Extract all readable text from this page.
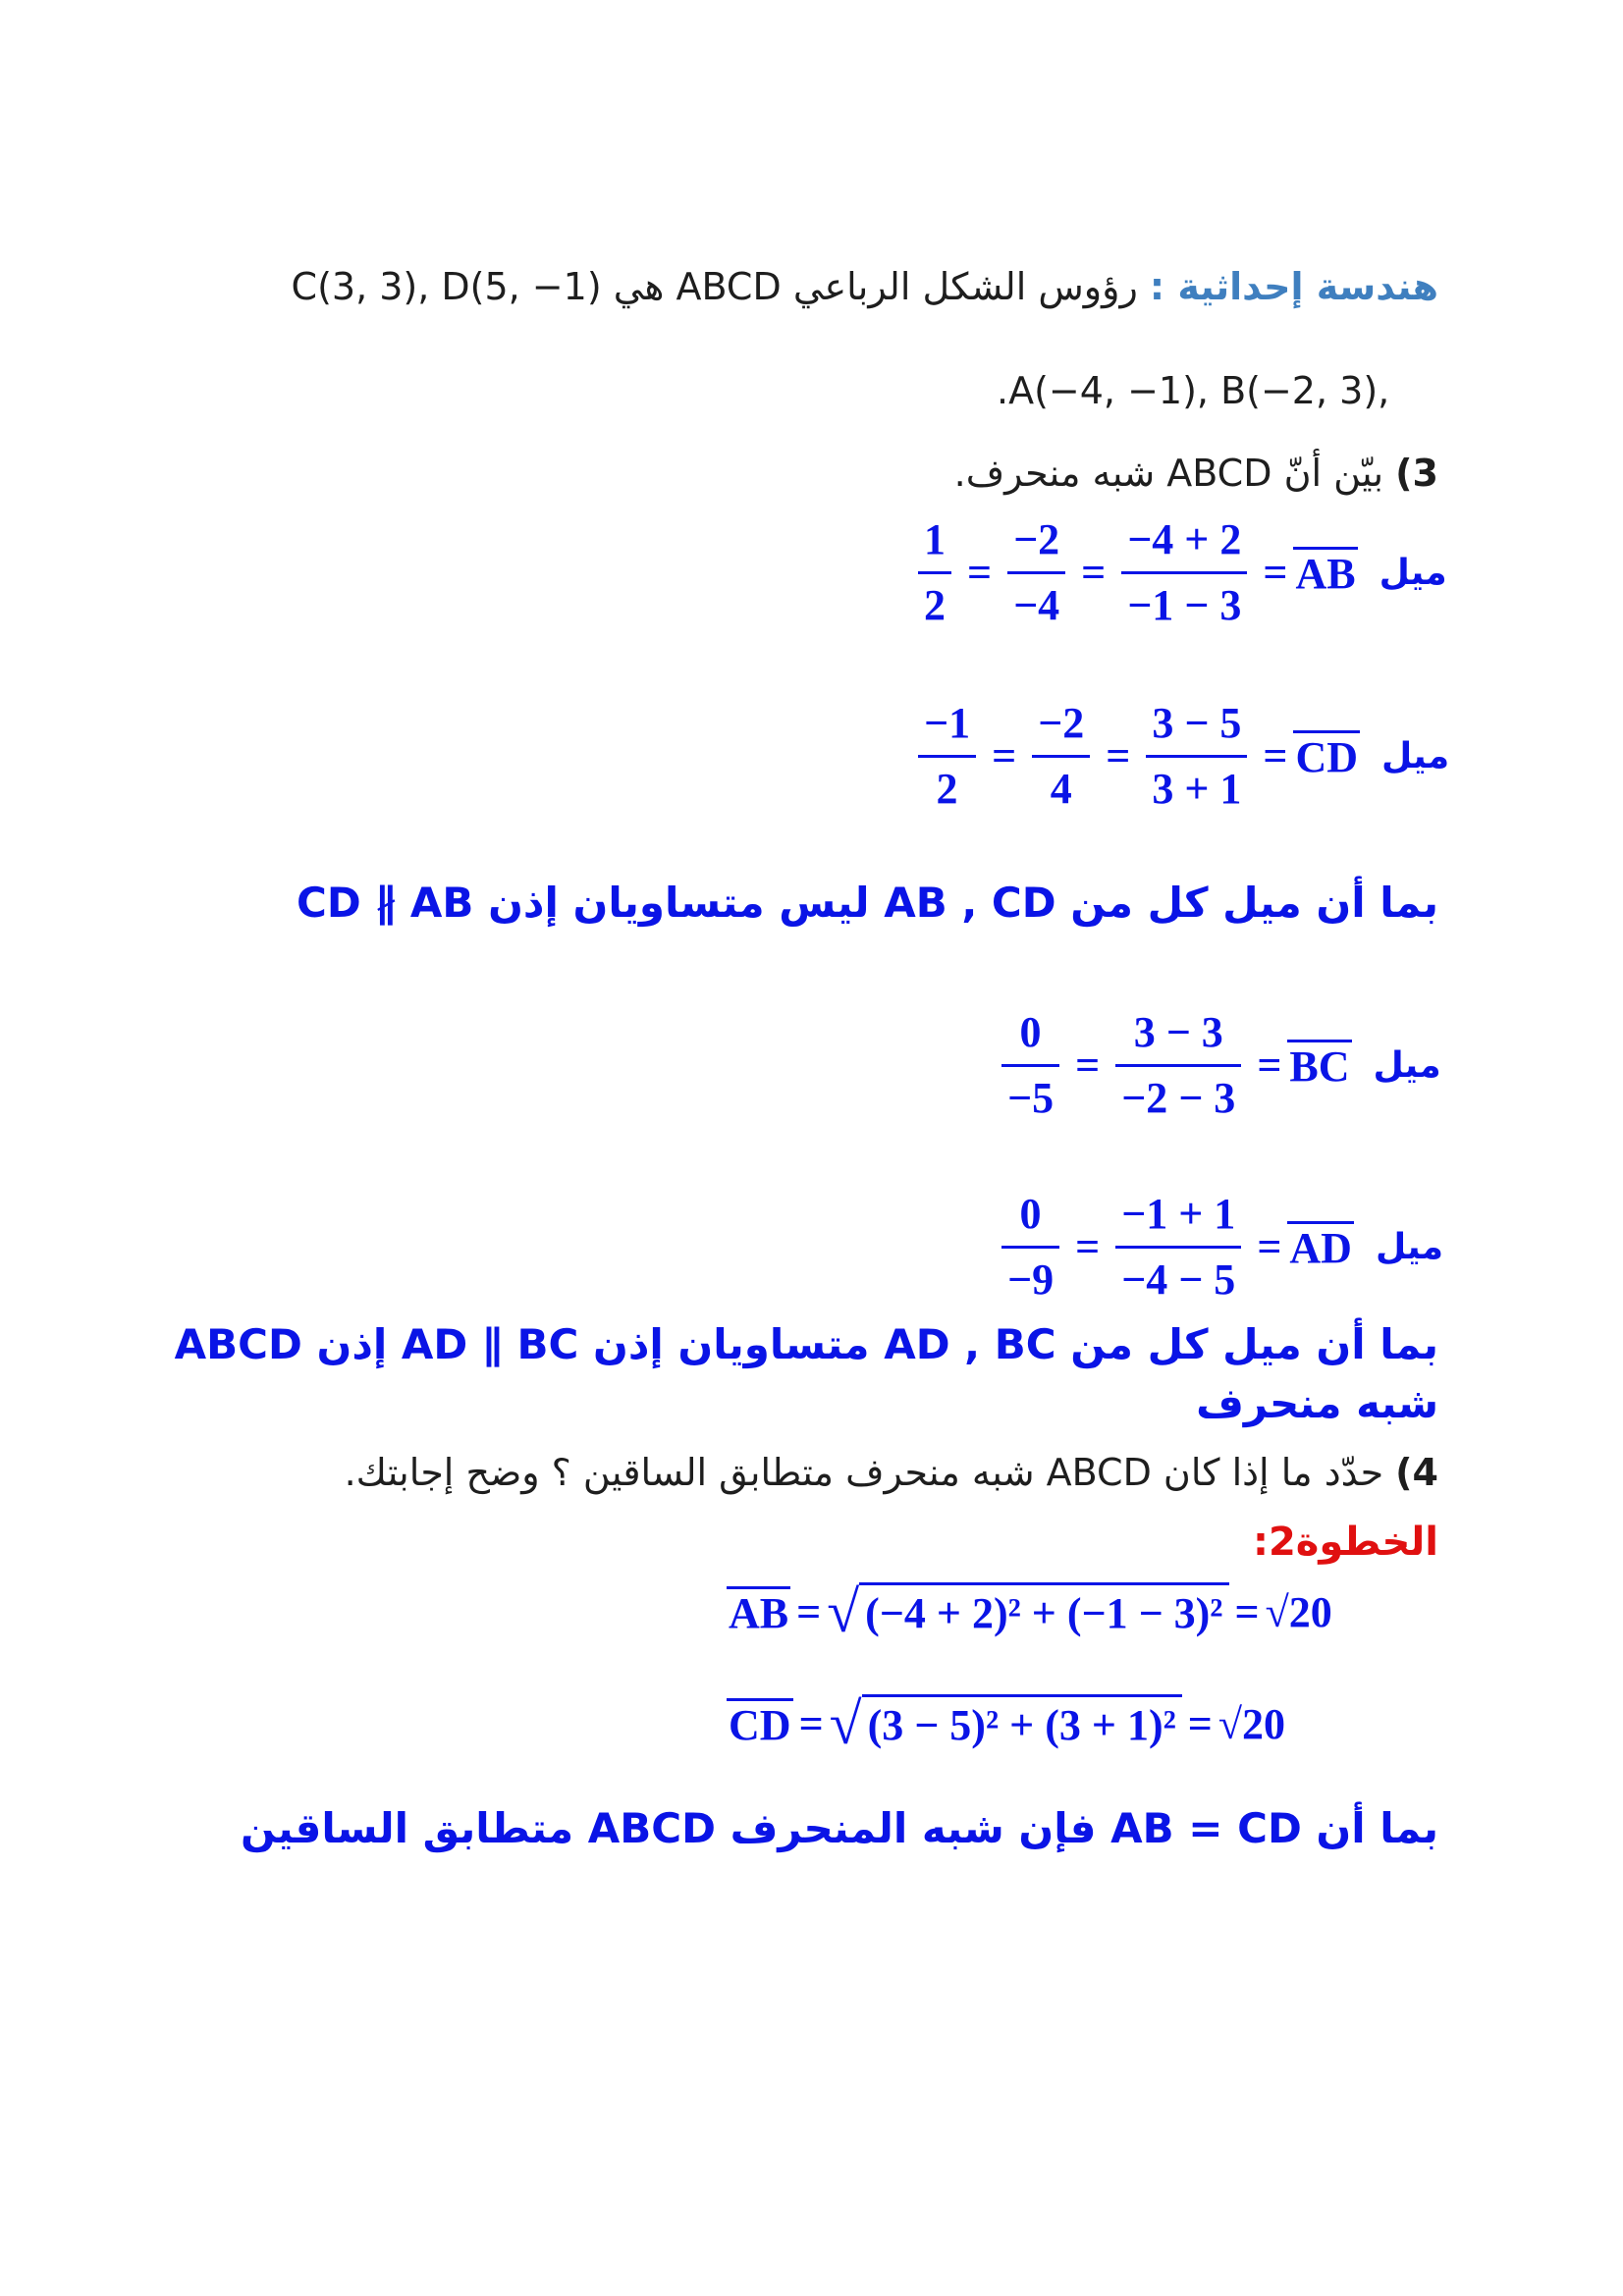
هندسة إحداثية : رؤوس الشكل الرباعي ABCD هي C(3, 3), D(5, −1)
.A(−4, −1), B(−2, 3),
3) بيّن أنّ ABCD شبه منحرف.
$\frac{1}{2} = \frac{-2}{-4} = \frac{-4 + 2}{-1 - 3}$ = AB ميل
$\frac{-1}{2} = \frac{-2}{4} = \frac{3 - 5}{3 + 1}$ = CD ميل
بما أن ميل كل من AB , CD ليس متساويان إذن CD ∦ AB
$\frac{0}{-5} = \frac{3 - 3}{-2 - 3}$ = BC ميل
$\frac{0}{-9} = \frac{-1 + 1}{-4 - 5}$ = AD ميل
بما أن ميل كل من AD , BC متساويان إذن AD ∥ BC إذن ABCD
شبه منحرف
4) حدّد ما إذا كان ABCD شبه منحرف متطابق الساقين ؟ وضح إجابتك.
الخطوة2:
AB = √ (−4 + 2)² + (−1 − 3)² = √20
CD = √ (3 − 5)² + (3 + 1)² = √20
بما أن AB = CD فإن شبه المنحرف ABCD متطابق الساقين
